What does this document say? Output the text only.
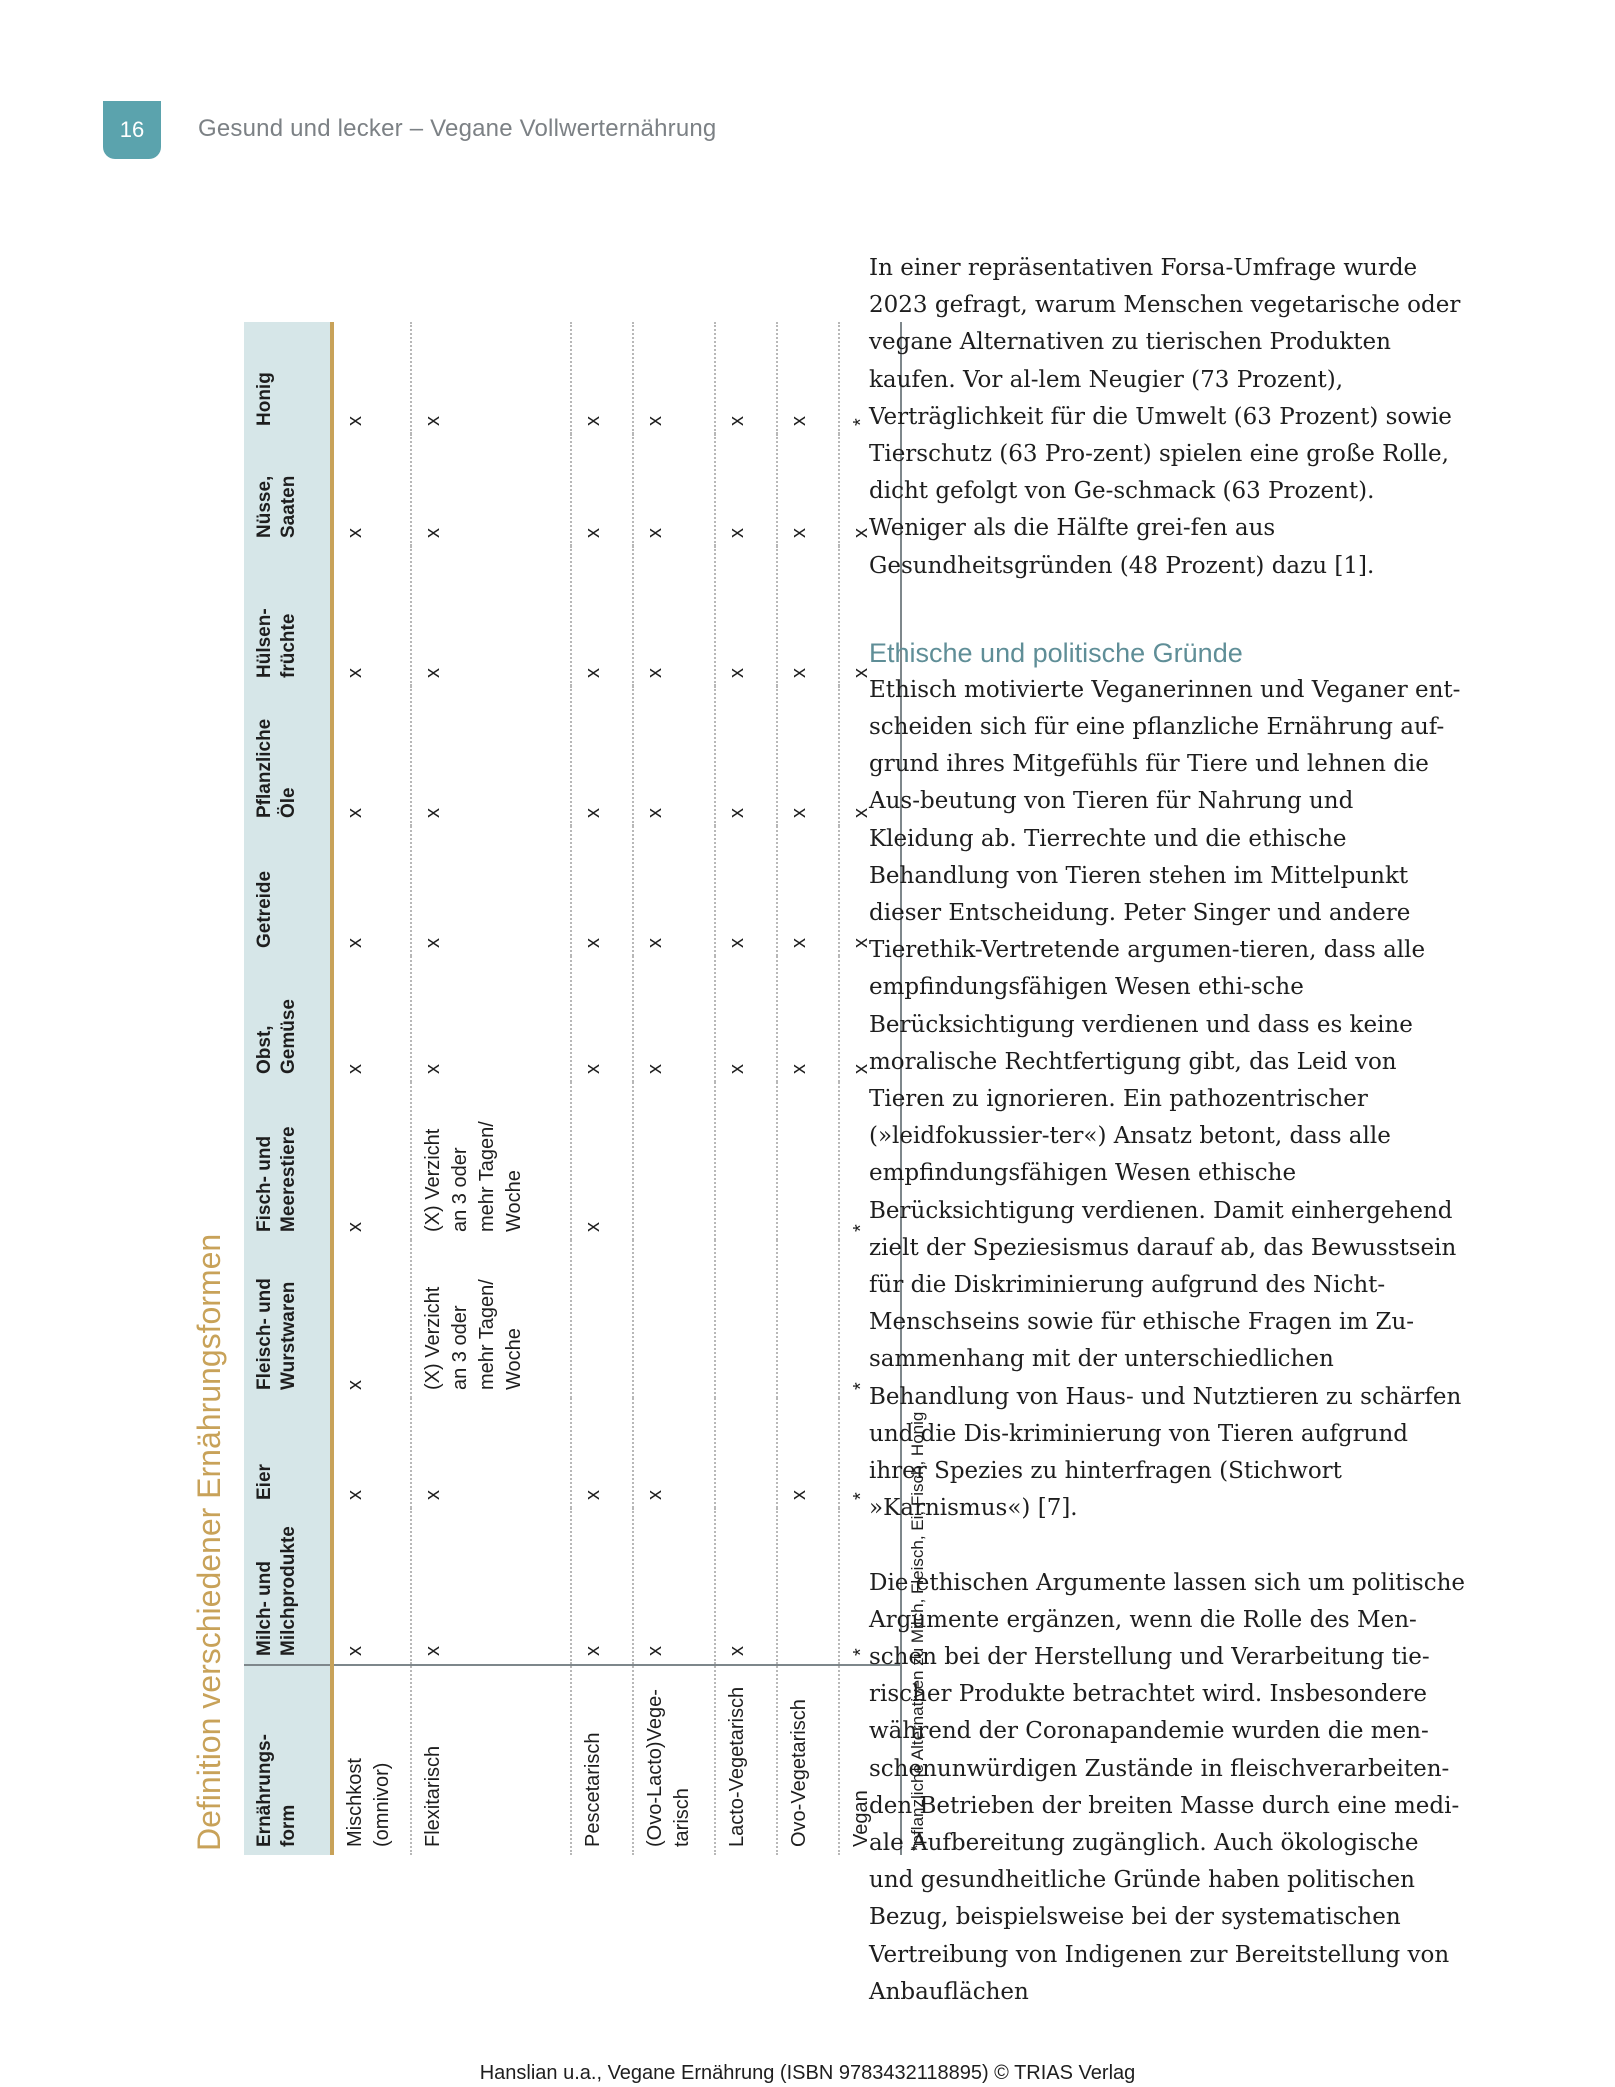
16	Gesund und lecker – Vegane Vollwerternährung
Definition verschiedener Ernährungsformen Ernährungs- form	Milch- und Milchprodukte	Eier	Fleisch- und Wurstwaren	Fisch- und Meerestiere	Obst, Gemüse	Getreide	Pflanzliche Öle	Hülsen- früchte	Nüsse, Saaten	Honig
Mischkost (omnivor)	x	x	x	x	x	x	x	x	x	x
Flexitarisch	x	x	(X) Verzicht an 3 oder mehr Tagen/ Woche	(X) Verzicht an 3 oder mehr Tagen/ Woche	x	x	x	x	x	x
Pescetarisch	x	x		x	x	x	x	x	x	x
(Ovo-Lacto)Vege- tarisch	x	x			x	x	x	x	x	x
Lacto-Vegetarisch	x				x	x	x	x	x	x
Ovo-Vegetarisch		x			x	x	x	x	x	x
Vegan	*	*	*	*	x	x	x	x	x	*
*pflanzliche Alternativen zu Milch, Fleisch, Ei, Fisch, Honig

In einer repräsentativen Forsa-Umfrage wurde 2023 gefragt, warum Menschen vegetarische oder vegane Alternativen zu tierischen Produkten kaufen. Vor al-lem Neugier (73 Prozent), Verträglichkeit für die Umwelt (63 Prozent) sowie Tierschutz (63 Pro-zent) spielen eine große Rolle, dicht gefolgt von Ge-schmack (63 Prozent). Weniger als die Hälfte grei-fen aus Gesundheitsgründen (48 Prozent) dazu [1].

Ethische und politische Gründe

Ethisch motivierte Veganerinnen und Veganer ent-scheiden sich für eine pflanzliche Ernährung auf-grund ihres Mitgefühls für Tiere und lehnen die Aus-beutung von Tieren für Nahrung und Kleidung ab. Tierrechte und die ethische Behandlung von Tieren stehen im Mittelpunkt dieser Entscheidung. Peter Singer und andere Tierethik-Vertretende argumen-tieren, dass alle empfindungsfähigen Wesen ethi-sche Berücksichtigung verdienen und dass es keine moralische Rechtfertigung gibt, das Leid von Tieren zu ignorieren. Ein pathozentrischer (»leidfokussier-ter«) Ansatz betont, dass alle empfindungsfähigen Wesen ethische Berücksichtigung verdienen. Damit einhergehend zielt der Speziesismus darauf ab, das Bewusstsein für die Diskriminierung aufgrund des Nicht-Menschseins sowie für ethische Fragen im Zu-sammenhang mit der unterschiedlichen Behandlung von Haus- und Nutztieren zu schärfen und die Dis-kriminierung von Tieren aufgrund ihrer Spezies zu hinterfragen (Stichwort »Karnismus«) [7].

Die ethischen Argumente lassen sich um politische Argumente ergänzen, wenn die Rolle des Men-schen bei der Herstellung und Verarbeitung tie-rischer Produkte betrachtet wird. Insbesondere während der Coronapandemie wurden die men-schenunwürdigen Zustände in fleischverarbeiten-den Betrieben der breiten Masse durch eine medi-ale Aufbereitung zugänglich. Auch ökologische und gesundheitliche Gründe haben politischen Bezug, beispielsweise bei der systematischen Vertreibung von Indigenen zur Bereitstellung von Anbauflächen

Hanslian u.a., Vegane Ernährung (ISBN 9783432118895) © TRIAS Verlag
